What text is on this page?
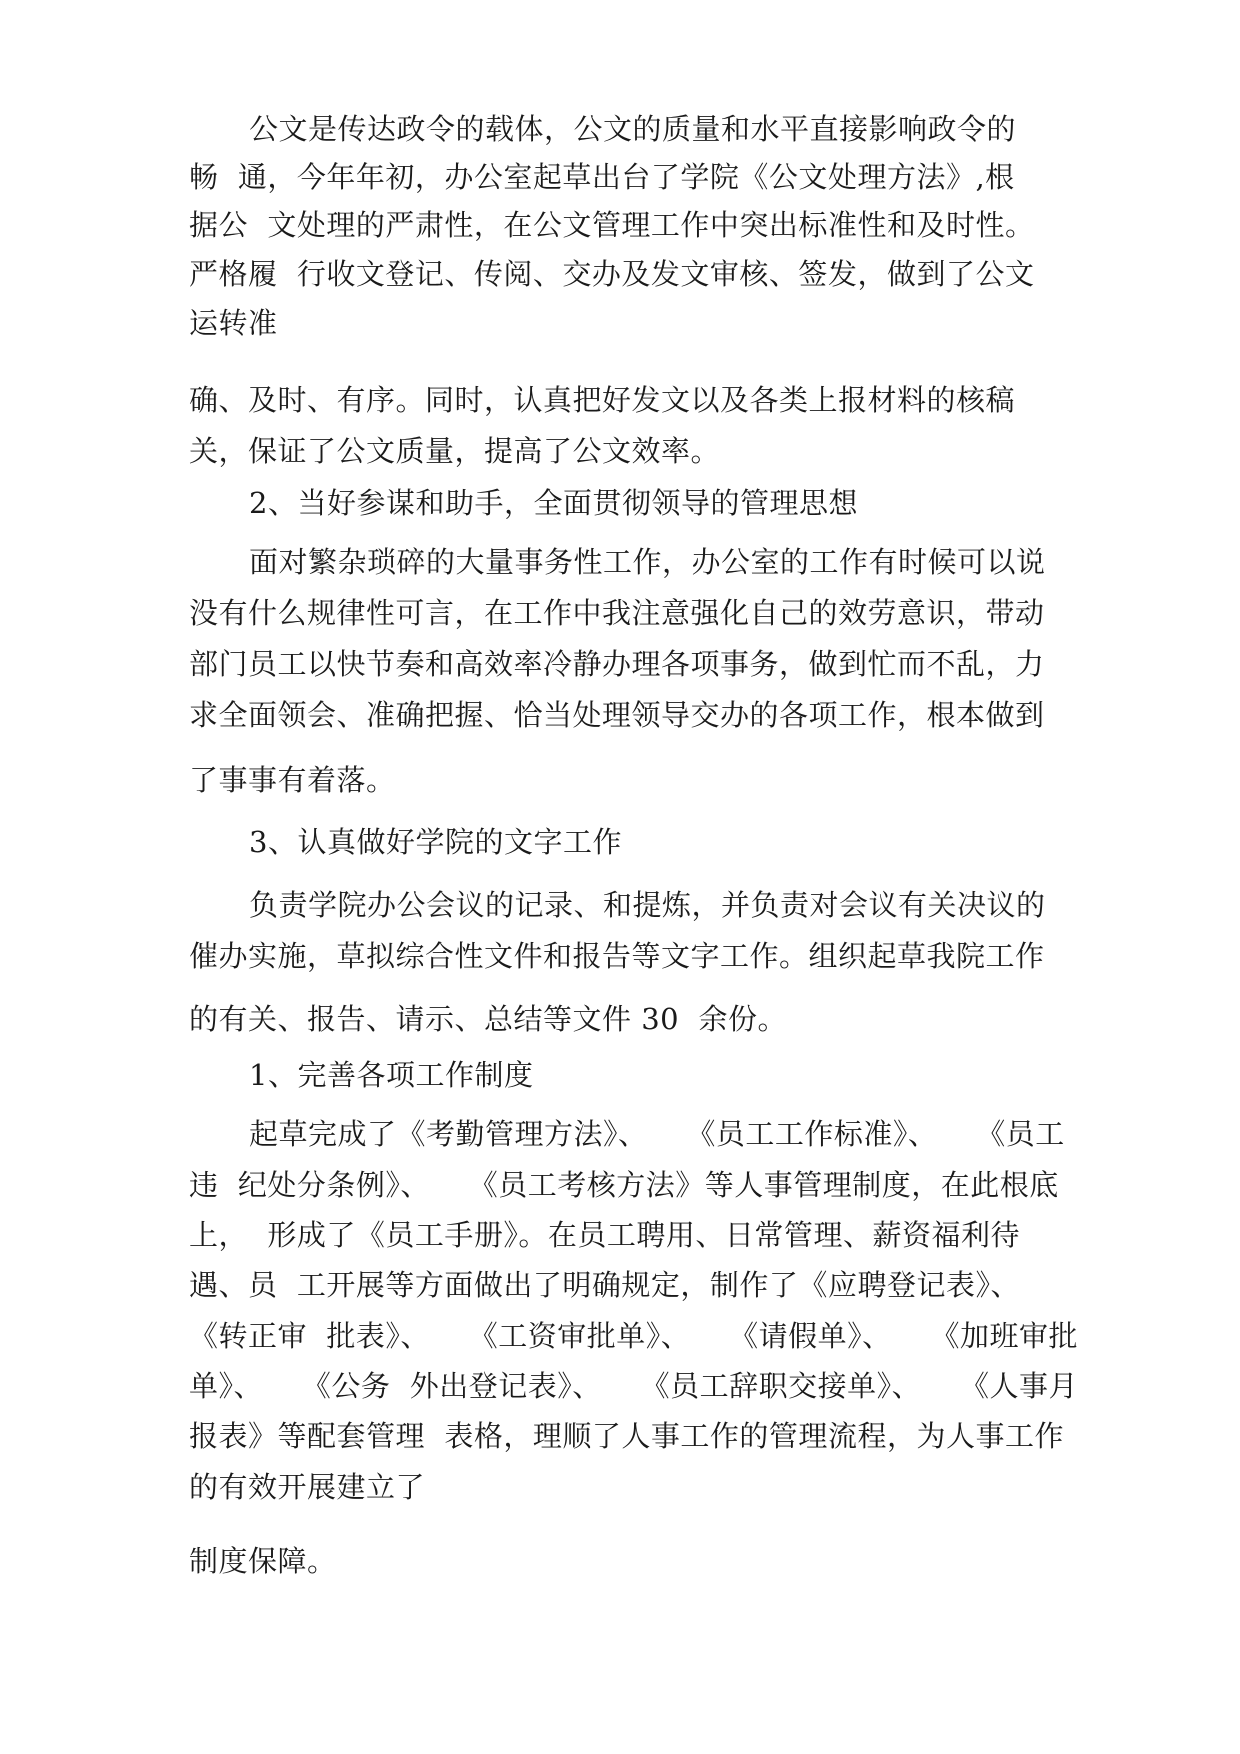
公文是传达政令的载体，公文的质量和水平直接影响政令的
畅  通，今年年初，办公室起草出台了学院《公文处理方法》,根
据公  文处理的严肃性，在公文管理工作中突出标准性和及时性。
严格履  行收文登记、传阅、交办及发文审核、签发，做到了公文
运转准
确、及时、有序。同时，认真把好发文以及各类上报材料的核稿
关，保证了公文质量，提高了公文效率。
2、当好参谋和助手，全面贯彻领导的管理思想
面对繁杂琐碎的大量事务性工作，办公室的工作有时候可以说
没有什么规律性可言，在工作中我注意强化自己的效劳意识，带动
部门员工以快节奏和高效率冷静办理各项事务，做到忙而不乱，力
求全面领会、准确把握、恰当处理领导交办的各项工作，根本做到
了事事有着落。
3、认真做好学院的文字工作
负责学院办公会议的记录、和提炼，并负责对会议有关决议的
催办实施，草拟综合性文件和报告等文字工作。组织起草我院工作
的有关、报告、请示、总结等文件 30  余份。
1、完善各项工作制度
起草完成了《考勤管理方法》、    《员工工作标准》、    《员工
违  纪处分条例》、    《员工考核方法》等人事管理制度，在此根底
上，  形成了《员工手册》。在员工聘用、日常管理、薪资福利待
遇、员  工开展等方面做出了明确规定，制作了《应聘登记表》、
《转正审  批表》、    《工资审批单》、    《请假单》、    《加班审批
单》、    《公务  外出登记表》、    《员工辞职交接单》、    《人事月
报表》等配套管理  表格，理顺了人事工作的管理流程，为人事工作
的有效开展建立了
制度保障。
